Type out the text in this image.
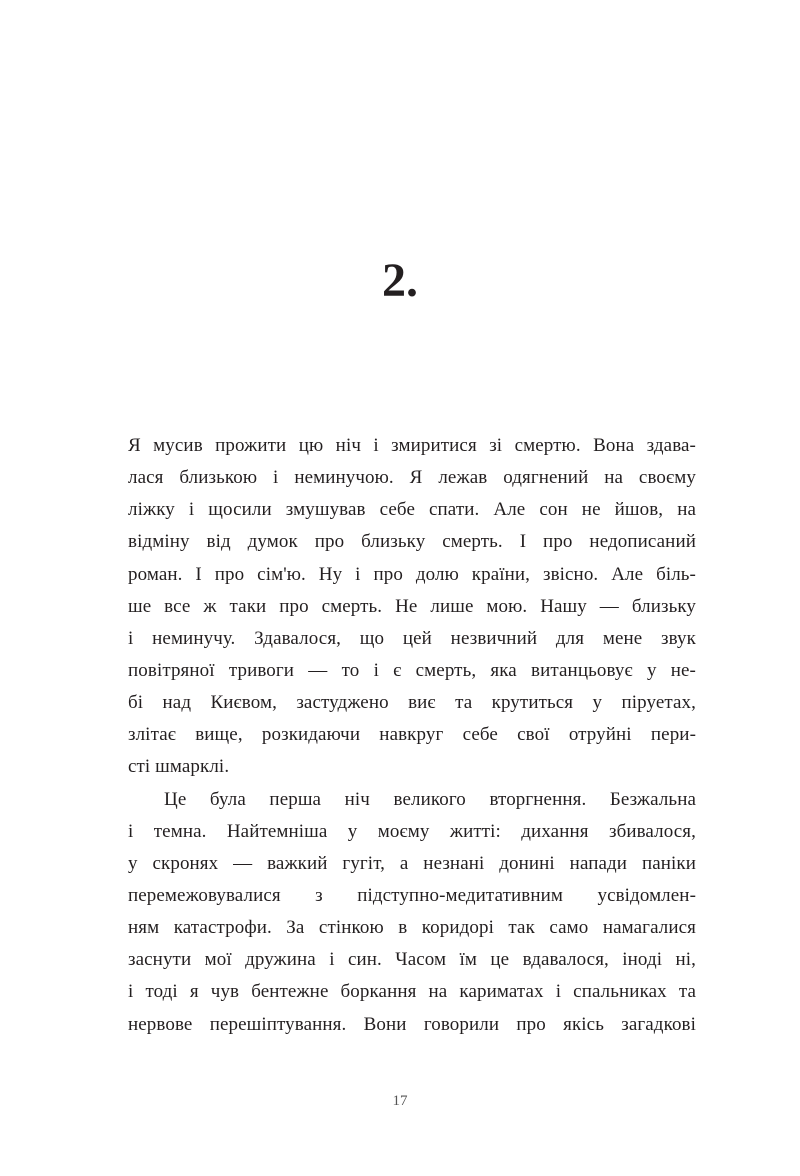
2.
Я мусив прожити цю ніч і змиритися зі смертю. Вона здава-
лася близькою і неминучою. Я лежав одягнений на своєму
ліжку і щосили змушував себе спати. Але сон не йшов, на
відміну від думок про близьку смерть. І про недописаний
роман. І про сім'ю. Ну і про долю країни, звісно. Але біль-
ше все ж таки про смерть. Не лише мою. Нашу — близьку
і неминучу. Здавалося, що цей незвичний для мене звук
повітряної тривоги — то і є смерть, яка витанцьовує у не-
бі над Києвом, застуджено виє та крутиться у піруетах,
злітає вище, розкидаючи навкруг себе свої отруйні пери-
сті шмарклі.
Це була перша ніч великого вторгнення. Безжальна
і темна. Найтемніша у моєму житті: дихання збивалося,
у скронях — важкий гугіт, а незнані донині напади паніки
перемежовувалися з підступно-медитативним усвідомлен-
ням катастрофи. За стінкою в коридорі так само намагалися
заснути мої дружина і син. Часом їм це вдавалося, іноді ні,
і тоді я чув бентежне боркання на кариматах і спальниках та
нервове перешіптування. Вони говорили про якісь загадкові
17
